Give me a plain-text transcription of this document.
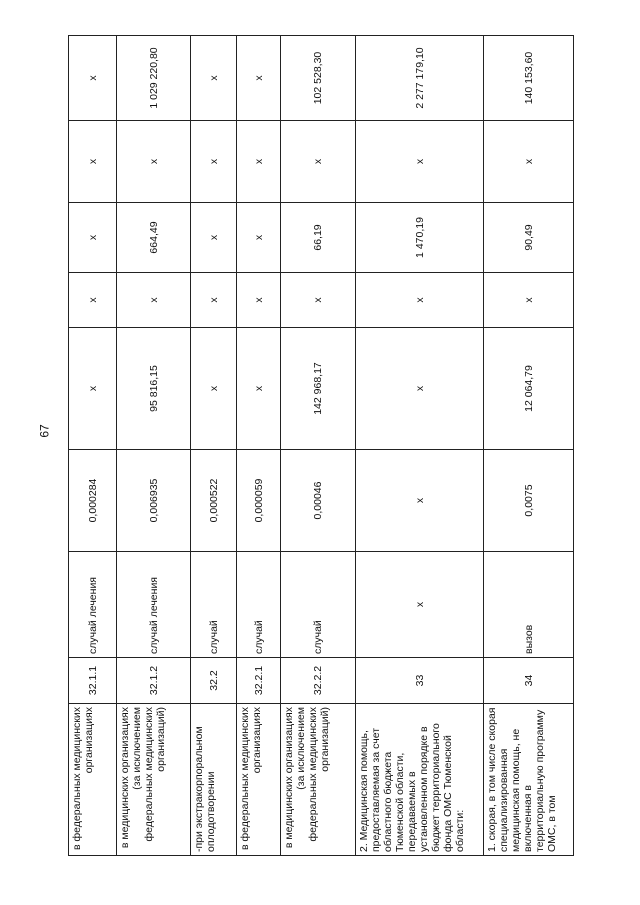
67
в федеральных медицинских организациях	32.1.1	случай лечения	0,000284	х	х	х	х	х	
в медицинских организациях (за исключением федеральных медицинских организаций)	32.1.2	случай лечения	0,006935	95 816,15	х	664,49	х	1 029 220,80	
-при экстракорпоральном оплодотворении	32.2	случай	0,000522	х	х	х	х	х	
в федеральных медицинских организациях	32.2.1	случай	0,000059	х	х	х	х	х	
в медицинских организациях (за исключением федеральных медицинских организаций)	32.2.2	случай	0,00046	142 968,17	х	66,19	х	102 528,30	
2. Медицинская помощь, предоставляемая за счет областного бюджета Тюменской области, передаваемых в установленном порядке в бюджет территориального фонда ОМС Тюменской области:	33	х	х	х	х	1 470,19	х	2 277 179,10	
1. скорая, в том числе скорая специализированная медицинская помощь, не включенная в территориальную программу ОМС, в том	34	вызов	0,0075	12 064,79	х	90,49	х	140 153,60	
